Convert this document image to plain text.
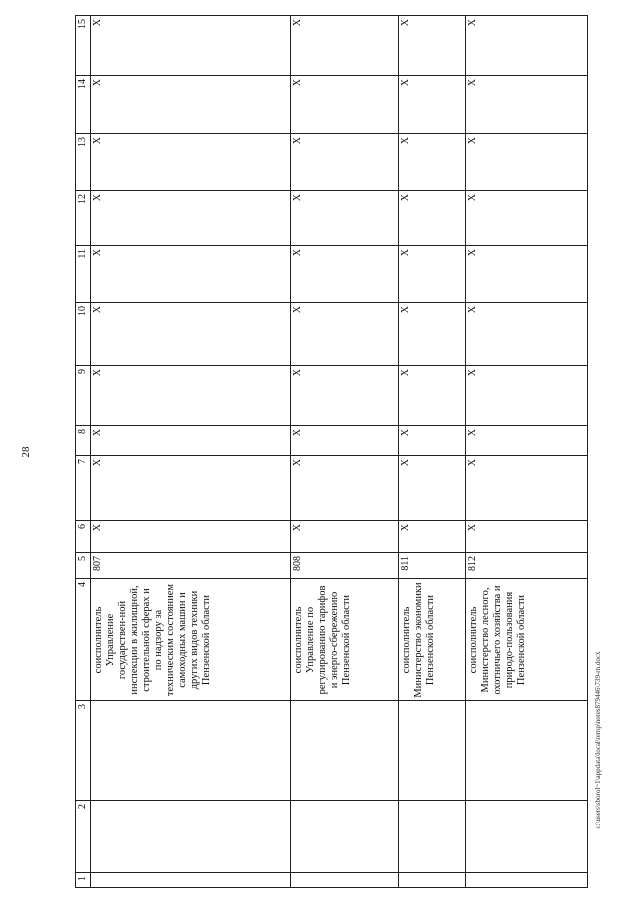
28
1
2
3
4
5
6
7
8
9
10
11
12
13
14
15
соисполнитель Управление государствен-ной инспекции в жилищной, строительной сферах и по надзору за техническим состоянием самоходных машин и других видов техники Пензенской области
X
X
X
X
X
X
X
X
X
X
807
соисполнитель Управление по регулированию тарифов и энерго-сбережению Пензенской области
X
X
X
X
X
X
X
X
X
X
808
соисполнитель Министерство экономики Пензенской области
X
X
X
X
X
X
X
X
X
X
811
соисполнитель Министерство лесного, охотничьего хозяйства и природо-пользования Пензенской области
X
X
X
X
X
X
X
X
X
X
812
c:\users\sborol~1\appdata\local\temp\notes879446\739-rn.docx
